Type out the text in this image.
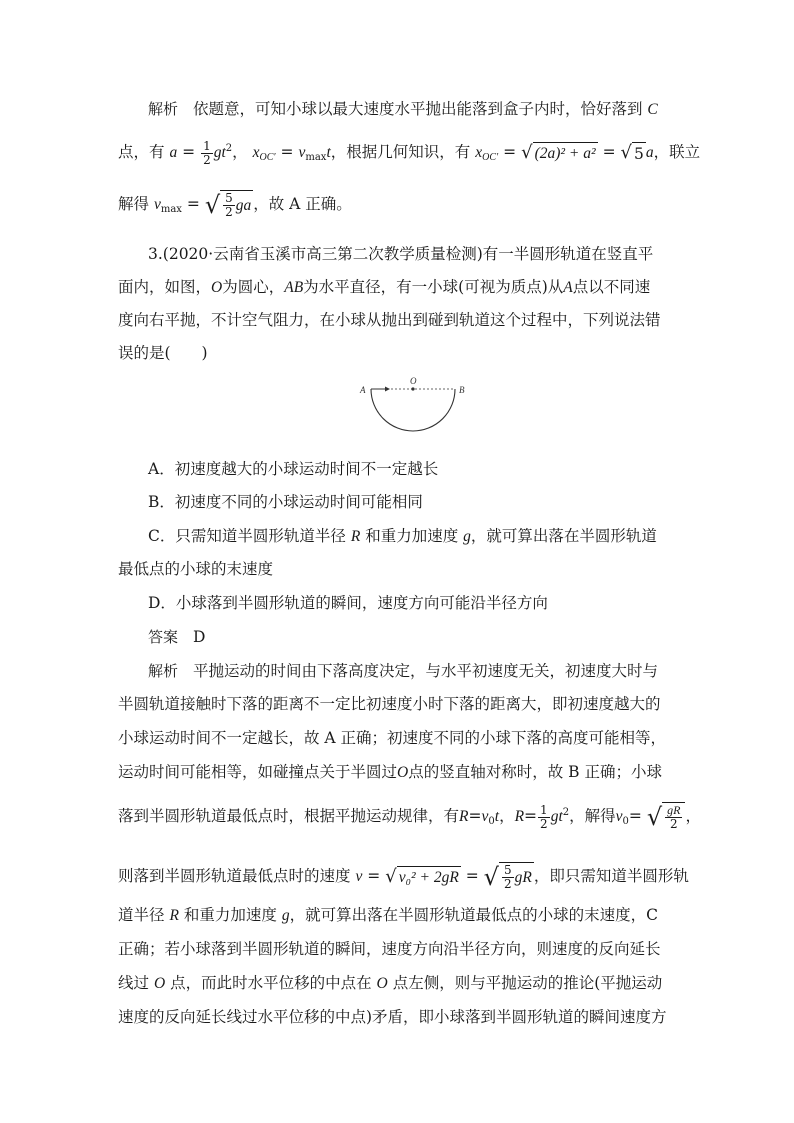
解析 依题意，可知小球以最大速度水平抛出能落到盒子内时，恰好落到 C
点，有 $a = \frac{1}{2} gt^2$， $x_{OC'} = v_{max}t$，根据几何知识，有 $x_{OC'}$ = √ (2a)² + a² = √ 5 a，联立
解得 $v_{max}$ = √ $\frac{5}{2}$ ga ，故 A 正确。
3.(2020·云南省玉溪市高三第二次教学质量检测)有一半圆形轨道在竖直平
面内，如图，O为圆心，AB为水平直径，有一小球(可视为质点)从A点以不同速
度向右平抛，不计空气阻力，在小球从抛出到碰到轨道这个过程中，下列说法错
误的是(　　)
A
O
B
A．初速度越大的小球运动时间不一定越长
B．初速度不同的小球运动时间可能相同
C．只需知道半圆形轨道半径 R 和重力加速度 g，就可算出落在半圆形轨道
最低点的小球的末速度
D．小球落到半圆形轨道的瞬间，速度方向可能沿半径方向
答案 D
解析 平抛运动的时间由下落高度决定，与水平初速度无关，初速度大时与
半圆轨道接触时下落的距离不一定比初速度小时下落的距离大，即初速度越大的
小球运动时间不一定越长，故 A 正确；初速度不同的小球下落的高度可能相等，
运动时间可能相等，如碰撞点关于半圆过O点的竖直轴对称时，故 B 正确；小球
落到半圆形轨道最低点时，根据平抛运动规律，有$R=v_0t$，$R= \frac{1}{2} gt^2$，解得$v_0=$ √ $\frac{gR}{2}$ ，
则落到半圆形轨道最低点时的速度 v = √ v₀² + 2gR = √ $\frac{5}{2}$ gR ，即只需知道半圆形轨
道半径 R 和重力加速度 g，就可算出落在半圆形轨道最低点的小球的末速度，C
正确；若小球落到半圆形轨道的瞬间，速度方向沿半径方向，则速度的反向延长
线过 O 点，而此时水平位移的中点在 O 点左侧，则与平抛运动的推论(平抛运动
速度的反向延长线过水平位移的中点)矛盾，即小球落到半圆形轨道的瞬间速度方
